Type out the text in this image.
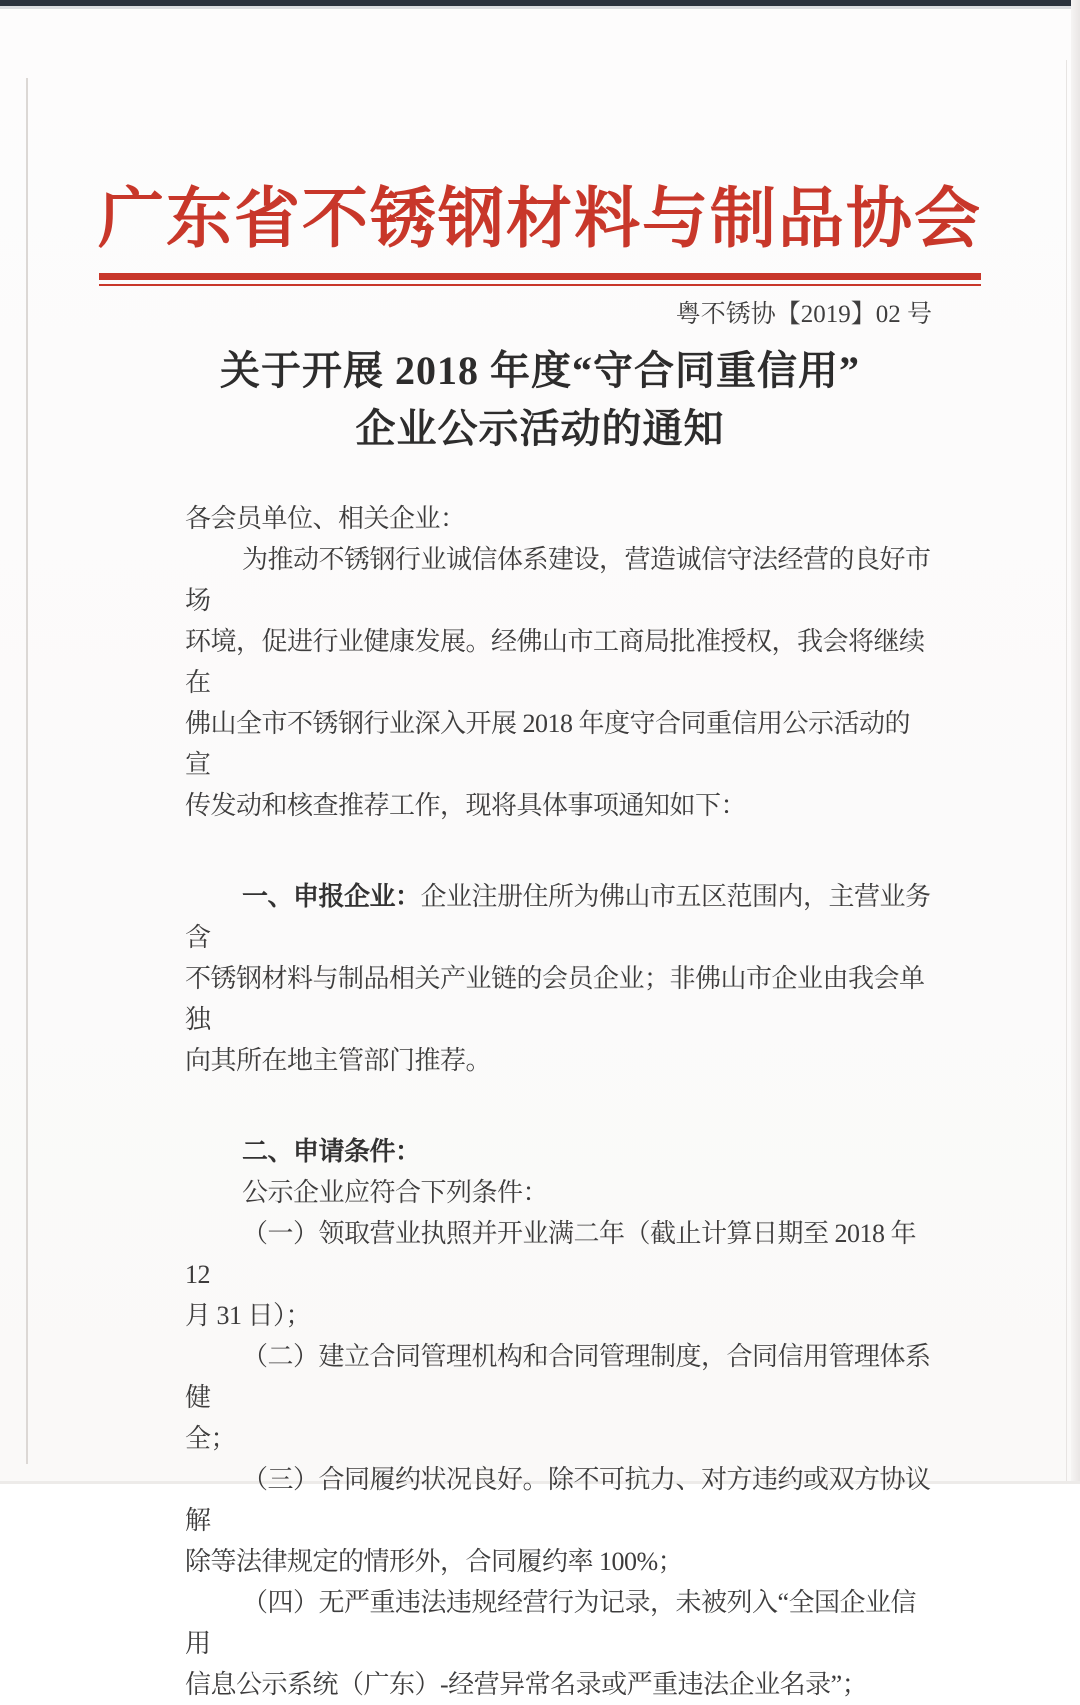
广东省不锈钢材料与制品协会
粤不锈协【2019】02 号
关于开展 2018 年度“守合同重信用”
企业公示活动的通知
各会员单位、相关企业：
为推动不锈钢行业诚信体系建设，营造诚信守法经营的良好市场
环境，促进行业健康发展。经佛山市工商局批准授权，我会将继续在
佛山全市不锈钢行业深入开展 2018 年度守合同重信用公示活动的宣
传发动和核查推荐工作，现将具体事项通知如下：
一、申报企业：企业注册住所为佛山市五区范围内，主营业务含
不锈钢材料与制品相关产业链的会员企业；非佛山市企业由我会单独
向其所在地主管部门推荐。
二、申请条件：
公示企业应符合下列条件：
（一）领取营业执照并开业满二年（截止计算日期至 2018 年 12
月 31 日）；
（二）建立合同管理机构和合同管理制度，合同信用管理体系健
全；
（三）合同履约状况良好。除不可抗力、对方违约或双方协议解
除等法律规定的情形外，合同履约率 100%；
（四）无严重违法违规经营行为记录，未被列入“全国企业信用
信息公示系统（广东）-经营异常名录或严重违法企业名录”；
